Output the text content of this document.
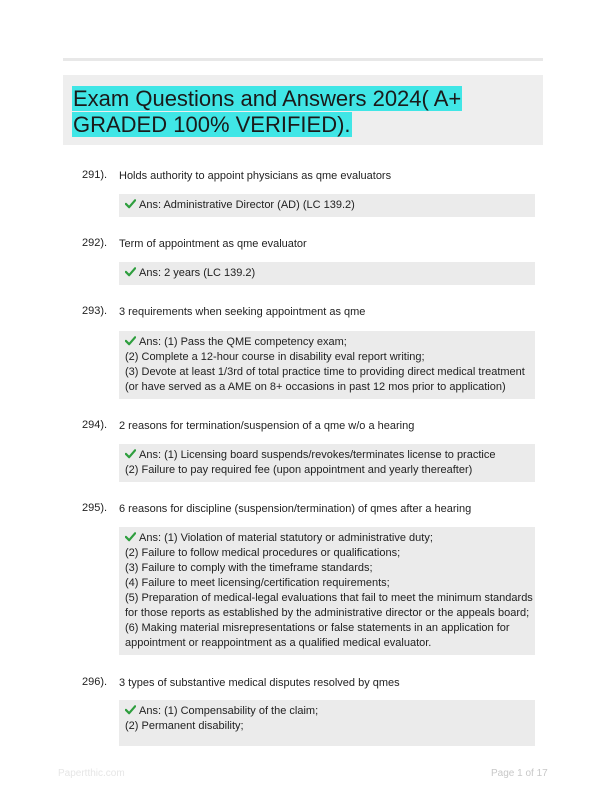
Exam Questions and Answers 2024( A+ GRADED 100% VERIFIED).
291). Holds authority to appoint physicians as qme evaluators
Ans: Administrative Director (AD) (LC 139.2)
292). Term of appointment as qme evaluator
Ans: 2 years (LC 139.2)
293). 3 requirements when seeking appointment as qme
Ans: (1) Pass the QME competency exam;
(2) Complete a 12-hour course in disability eval report writing;
(3) Devote at least 1/3rd of total practice time to providing direct medical treatment
(or have served as a AME on 8+ occasions in past 12 mos prior to application)
294). 2 reasons for termination/suspension of a qme w/o a hearing
Ans: (1) Licensing board suspends/revokes/terminates license to practice
(2) Failure to pay required fee (upon appointment and yearly thereafter)
295). 6 reasons for discipline (suspension/termination) of qmes after a hearing
Ans: (1) Violation of material statutory or administrative duty;
(2) Failure to follow medical procedures or qualifications;
(3) Failure to comply with the timeframe standards;
(4) Failure to meet licensing/certification requirements;
(5) Preparation of medical-legal evaluations that fail to meet the minimum standards
for those reports as established by the administrative director or the appeals board;
(6) Making material misrepresentations or false statements in an application for
appointment or reappointment as a qualified medical evaluator.
296). 3 types of substantive medical disputes resolved by qmes
Ans: (1) Compensability of the claim;
(2) Permanent disability;
Papertthic.com	Page 1 of 17
